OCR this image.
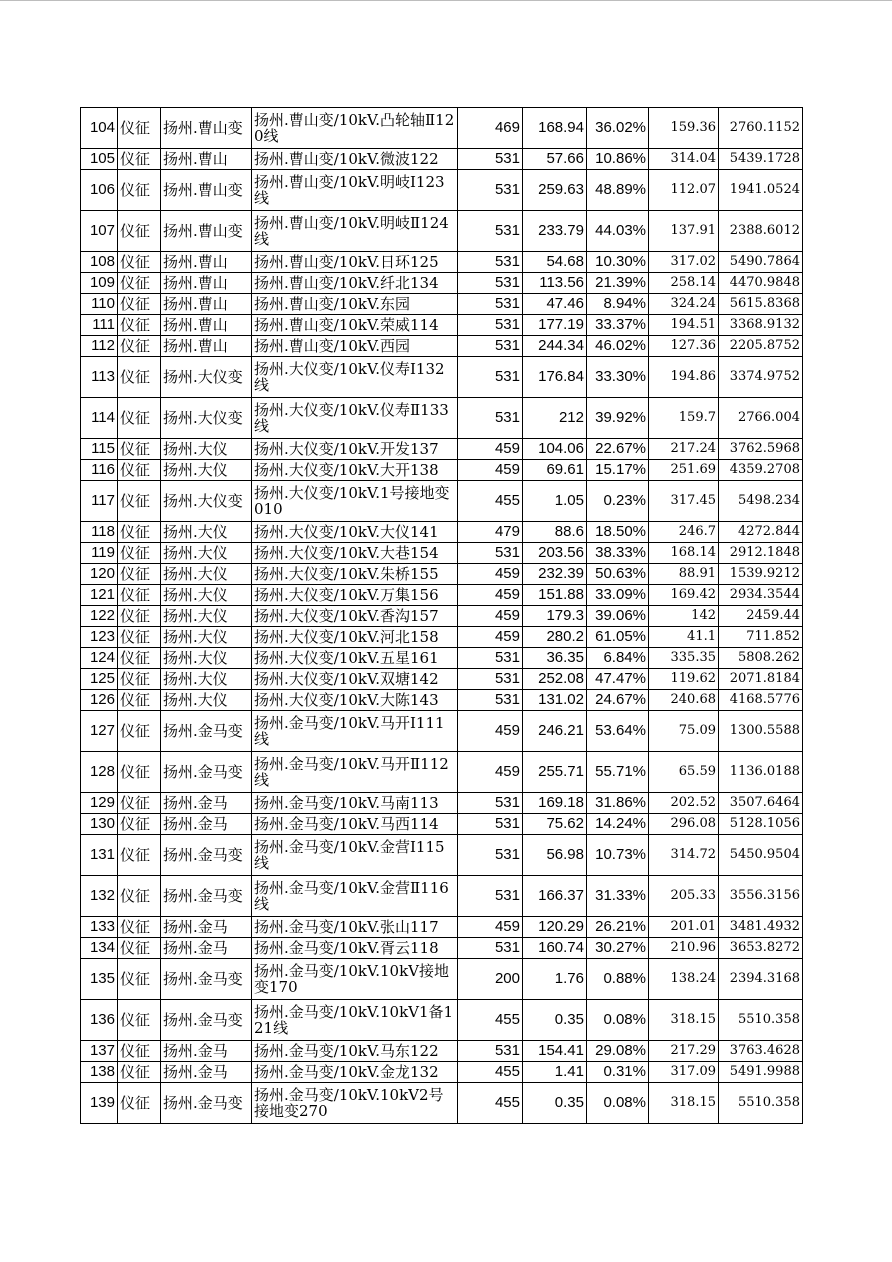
104	仪征	扬州.曹山变	扬州.曹山变/10kV.凸轮轴Ⅱ120线	469	168.94	36.02%	159.36	2760.1152
105	仪征	扬州.曹山	扬州.曹山变/10kV.微波122	531	57.66	10.86%	314.04	5439.1728
106	仪征	扬州.曹山变	扬州.曹山变/10kV.明岐Ⅰ123线	531	259.63	48.89%	112.07	1941.0524
107	仪征	扬州.曹山变	扬州.曹山变/10kV.明岐Ⅱ124线	531	233.79	44.03%	137.91	2388.6012
108	仪征	扬州.曹山	扬州.曹山变/10kV.日环125	531	54.68	10.30%	317.02	5490.7864
109	仪征	扬州.曹山	扬州.曹山变/10kV.纤北134	531	113.56	21.39%	258.14	4470.9848
110	仪征	扬州.曹山	扬州.曹山变/10kV.东园	531	47.46	8.94%	324.24	5615.8368
111	仪征	扬州.曹山	扬州.曹山变/10kV.荣威114	531	177.19	33.37%	194.51	3368.9132
112	仪征	扬州.曹山	扬州.曹山变/10kV.西园	531	244.34	46.02%	127.36	2205.8752
113	仪征	扬州.大仪变	扬州.大仪变/10kV.仪寿Ⅰ132线	531	176.84	33.30%	194.86	3374.9752
114	仪征	扬州.大仪变	扬州.大仪变/10kV.仪寿Ⅱ133线	531	212	39.92%	159.7	2766.004
115	仪征	扬州.大仪	扬州.大仪变/10kV.开发137	459	104.06	22.67%	217.24	3762.5968
116	仪征	扬州.大仪	扬州.大仪变/10kV.大开138	459	69.61	15.17%	251.69	4359.2708
117	仪征	扬州.大仪变	扬州.大仪变/10kV.1号接地变010	455	1.05	0.23%	317.45	5498.234
118	仪征	扬州.大仪	扬州.大仪变/10kV.大仪141	479	88.6	18.50%	246.7	4272.844
119	仪征	扬州.大仪	扬州.大仪变/10kV.大巷154	531	203.56	38.33%	168.14	2912.1848
120	仪征	扬州.大仪	扬州.大仪变/10kV.朱桥155	459	232.39	50.63%	88.91	1539.9212
121	仪征	扬州.大仪	扬州.大仪变/10kV.万集156	459	151.88	33.09%	169.42	2934.3544
122	仪征	扬州.大仪	扬州.大仪变/10kV.香沟157	459	179.3	39.06%	142	2459.44
123	仪征	扬州.大仪	扬州.大仪变/10kV.河北158	459	280.2	61.05%	41.1	711.852
124	仪征	扬州.大仪	扬州.大仪变/10kV.五星161	531	36.35	6.84%	335.35	5808.262
125	仪征	扬州.大仪	扬州.大仪变/10kV.双塘142	531	252.08	47.47%	119.62	2071.8184
126	仪征	扬州.大仪	扬州.大仪变/10kV.大陈143	531	131.02	24.67%	240.68	4168.5776
127	仪征	扬州.金马变	扬州.金马变/10kV.马开Ⅰ111线	459	246.21	53.64%	75.09	1300.5588
128	仪征	扬州.金马变	扬州.金马变/10kV.马开Ⅱ112线	459	255.71	55.71%	65.59	1136.0188
129	仪征	扬州.金马	扬州.金马变/10kV.马南113	531	169.18	31.86%	202.52	3507.6464
130	仪征	扬州.金马	扬州.金马变/10kV.马西114	531	75.62	14.24%	296.08	5128.1056
131	仪征	扬州.金马变	扬州.金马变/10kV.金营Ⅰ115线	531	56.98	10.73%	314.72	5450.9504
132	仪征	扬州.金马变	扬州.金马变/10kV.金营Ⅱ116线	531	166.37	31.33%	205.33	3556.3156
133	仪征	扬州.金马	扬州.金马变/10kV.张山117	459	120.29	26.21%	201.01	3481.4932
134	仪征	扬州.金马	扬州.金马变/10kV.胥云118	531	160.74	30.27%	210.96	3653.8272
135	仪征	扬州.金马变	扬州.金马变/10kV.10kV接地变170	200	1.76	0.88%	138.24	2394.3168
136	仪征	扬州.金马变	扬州.金马变/10kV.10kV1备121线	455	0.35	0.08%	318.15	5510.358
137	仪征	扬州.金马	扬州.金马变/10kV.马东122	531	154.41	29.08%	217.29	3763.4628
138	仪征	扬州.金马	扬州.金马变/10kV.金龙132	455	1.41	0.31%	317.09	5491.9988
139	仪征	扬州.金马变	扬州.金马变/10kV.10kV2号接地变270	455	0.35	0.08%	318.15	5510.358
